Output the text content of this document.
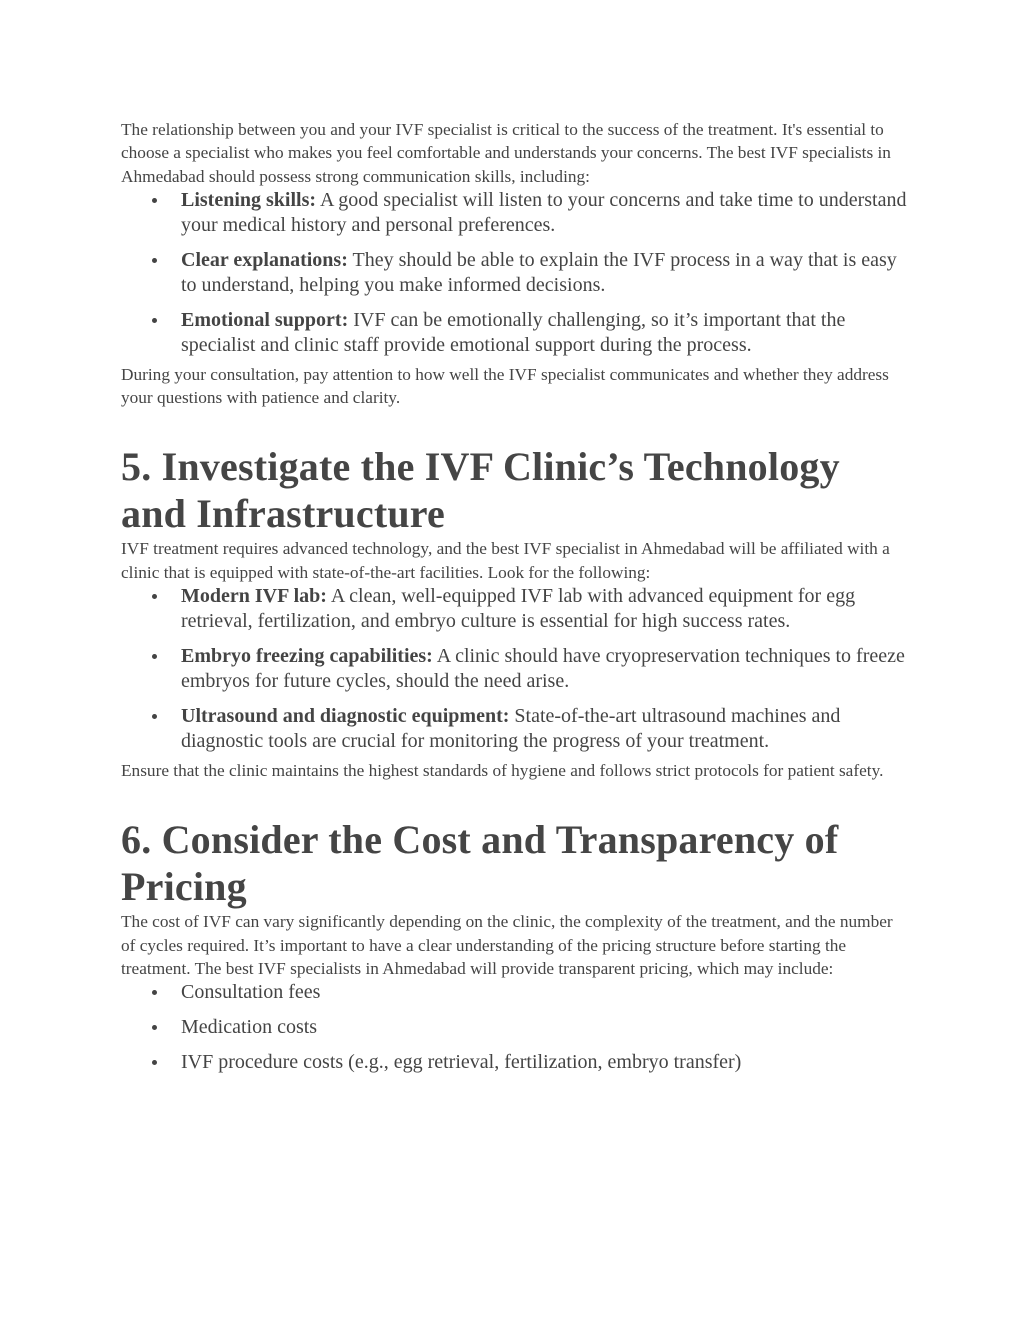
The relationship between you and your IVF specialist is critical to the success of the treatment. It's essential to choose a specialist who makes you feel comfortable and understands your concerns. The best IVF specialists in Ahmedabad should possess strong communication skills, including:

Listening skills: A good specialist will listen to your concerns and take time to understand your medical history and personal preferences.
Clear explanations: They should be able to explain the IVF process in a way that is easy to understand, helping you make informed decisions.
Emotional support: IVF can be emotionally challenging, so it’s important that the specialist and clinic staff provide emotional support during the process.

During your consultation, pay attention to how well the IVF specialist communicates and whether they address your questions with patience and clarity.

5. Investigate the IVF Clinic’s Technology and Infrastructure

IVF treatment requires advanced technology, and the best IVF specialist in Ahmedabad will be affiliated with a clinic that is equipped with state-of-the-art facilities. Look for the following:

Modern IVF lab: A clean, well-equipped IVF lab with advanced equipment for egg retrieval, fertilization, and embryo culture is essential for high success rates.
Embryo freezing capabilities: A clinic should have cryopreservation techniques to freeze embryos for future cycles, should the need arise.
Ultrasound and diagnostic equipment: State-of-the-art ultrasound machines and diagnostic tools are crucial for monitoring the progress of your treatment.

Ensure that the clinic maintains the highest standards of hygiene and follows strict protocols for patient safety.

6. Consider the Cost and Transparency of Pricing

The cost of IVF can vary significantly depending on the clinic, the complexity of the treatment, and the number of cycles required. It’s important to have a clear understanding of the pricing structure before starting the treatment. The best IVF specialists in Ahmedabad will provide transparent pricing, which may include:

Consultation fees
Medication costs
IVF procedure costs (e.g., egg retrieval, fertilization, embryo transfer)
